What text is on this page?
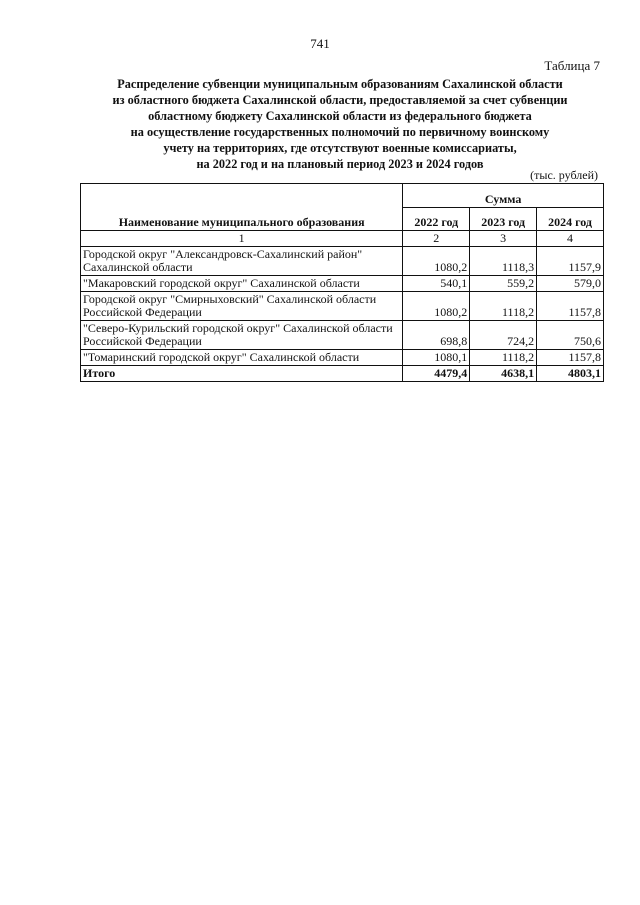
741
Таблица 7
Распределение субвенции муниципальным образованиям Сахалинской области
из областного бюджета Сахалинской области, предоставляемой за счет субвенции
областному бюджету Сахалинской области из федерального бюджета
на осуществление государственных полномочий по первичному воинскому
учету на территориях, где отсутствуют военные комиссариаты,
на 2022 год и на плановый период 2023 и 2024 годов
(тыс. рублей)
Наименование муниципального образования	Сумма		
	2022 год	2023 год	2024 год
1	2	3	4
Городской округ "Александровск-Сахалинский район" Сахалинской области	1080,2	1118,3	1157,9
"Макаровский городской округ" Сахалинской области	540,1	559,2	579,0
Городской округ "Смирныховский" Сахалинской области Российской Федерации	1080,2	1118,2	1157,8
"Северо-Курильский городской округ" Сахалинской области Российской Федерации	698,8	724,2	750,6
"Томаринский городской округ" Сахалинской области	1080,1	1118,2	1157,8
Итого	4479,4	4638,1	4803,1
